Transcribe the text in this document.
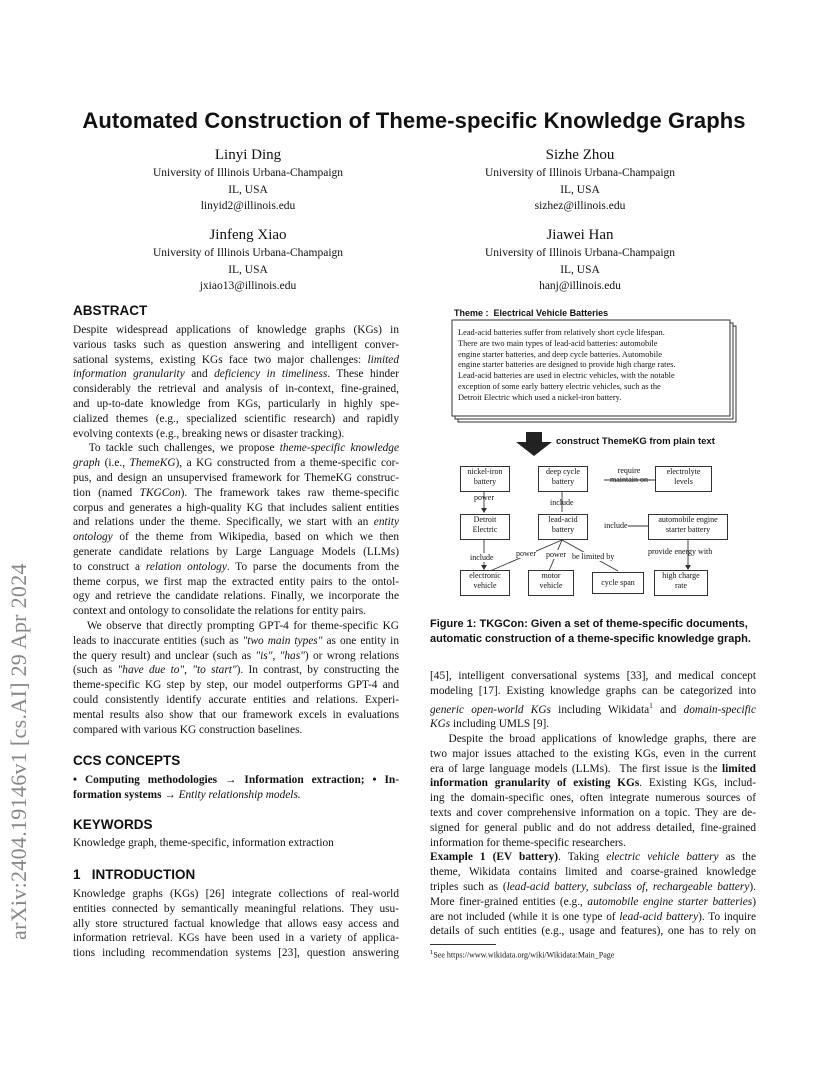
Automated Construction of Theme-specific Knowledge Graphs
Linyi Ding
University of Illinois Urbana-Champaign
IL, USA
linyid2@illinois.edu
Sizhe Zhou
University of Illinois Urbana-Champaign
IL, USA
sizhez@illinois.edu
Jinfeng Xiao
University of Illinois Urbana-Champaign
IL, USA
jxiao13@illinois.edu
Jiawei Han
University of Illinois Urbana-Champaign
IL, USA
hanj@illinois.edu
arXiv:2404.19146v1 [cs.AI] 29 Apr 2024
ABSTRACT

Despite widespread applications of knowledge graphs (KGs) in
various tasks such as question answering and intelligent conver-
sational systems, existing KGs face two major challenges: limited
information granularity and deficiency in timeliness. These hinder
considerably the retrieval and analysis of in-context, fine-grained,
and up-to-date knowledge from KGs, particularly in highly spe-
cialized themes (e.g., specialized scientific research) and rapidly
evolving contexts (e.g., breaking news or disaster tracking).

To tackle such challenges, we propose theme-specific knowledge
graph (i.e., ThemeKG), a KG constructed from a theme-specific cor-
pus, and design an unsupervised framework for ThemeKG construc-
tion (named TKGCon). The framework takes raw theme-specific
corpus and generates a high-quality KG that includes salient entities
and relations under the theme. Specifically, we start with an entity
ontology of the theme from Wikipedia, based on which we then
generate candidate relations by Large Language Models (LLMs)
to construct a relation ontology. To parse the documents from the
theme corpus, we first map the extracted entity pairs to the ontol-
ogy and retrieve the candidate relations. Finally, we incorporate the
context and ontology to consolidate the relations for entity pairs.

We observe that directly prompting GPT-4 for theme-specific KG
leads to inaccurate entities (such as "two main types" as one entity in
the query result) and unclear (such as "is", "has") or wrong relations
(such as "have due to", "to start"). In contrast, by constructing the
theme-specific KG step by step, our model outperforms GPT-4 and
could consistently identify accurate entities and relations. Experi-
mental results also show that our framework excels in evaluations
compared with various KG construction baselines.

CCS CONCEPTS
• Computing methodologies → Information extraction; • In-
formation systems → Entity relationship models.
KEYWORDS
Knowledge graph, theme-specific, information extraction
1 INTRODUCTION
Knowledge graphs (KGs) [26] integrate collections of real-world
entities connected by semantically meaningful relations. They usu-
ally store structured factual knowledge that allows easy access and
information retrieval. KGs have been used in a variety of applica-
tions including recommendation systems [23], question answering
Theme : Electrical Vehicle Batteries
Lead-acid batteries suffer from relatively short cycle lifespan.
There are two main types of lead-acid batteries: automobile
engine starter batteries, and deep cycle batteries. Automobile
engine starter batteries are designed to provide high charge rates.
Lead-acid batteries are used in electric vehicles, with the notable
exception of some early battery electric vehicles, such as the
Detroit Electric which used a nickel-iron battery.
construct ThemeKG from plain text
nickel-iron
battery
deep cycle
battery
electrolyte
levels
Detroit
Electric
lead-acid
battery
automobile engine
starter battery
electronic
vehicle
motor
vehicle	cycle span
high charge
rate
require
maintain on
power
include
include
include	power power be limited by
provide energy with
Figure 1: TKGCon: Given a set of theme-specific documents,
automatic construction of a theme-specific knowledge graph.
[45], intelligent conversational systems [33], and medical concept
modeling [17]. Existing knowledge graphs can be categorized into
generic open-world KGs including Wikidata$^1$ and domain-specific
KGs including UMLS [9].
Despite the broad applications of knowledge graphs, there are
two major issues attached to the existing KGs, even in the current
era of large language models (LLMs).  The first issue is the limited
information granularity of existing KGs. Existing KGs, includ-
ing the domain-specific ones, often integrate numerous sources of
texts and cover comprehensive information on a topic. They are de-
signed for general public and do not address detailed, fine-grained
information for theme-specific researchers.
Example 1 (EV battery). Taking electric vehicle battery as the
theme, Wikidata contains limited and coarse-grained knowledge
triples such as (lead-acid battery, subclass of, rechargeable battery).
More finer-grained entities (e.g., automobile engine starter batteries)
are not included (while it is one type of lead-acid battery). To inquire
details of such entities (e.g., usage and features), one has to rely on
$^1$See https://www.wikidata.org/wiki/Wikidata:Main_Page
